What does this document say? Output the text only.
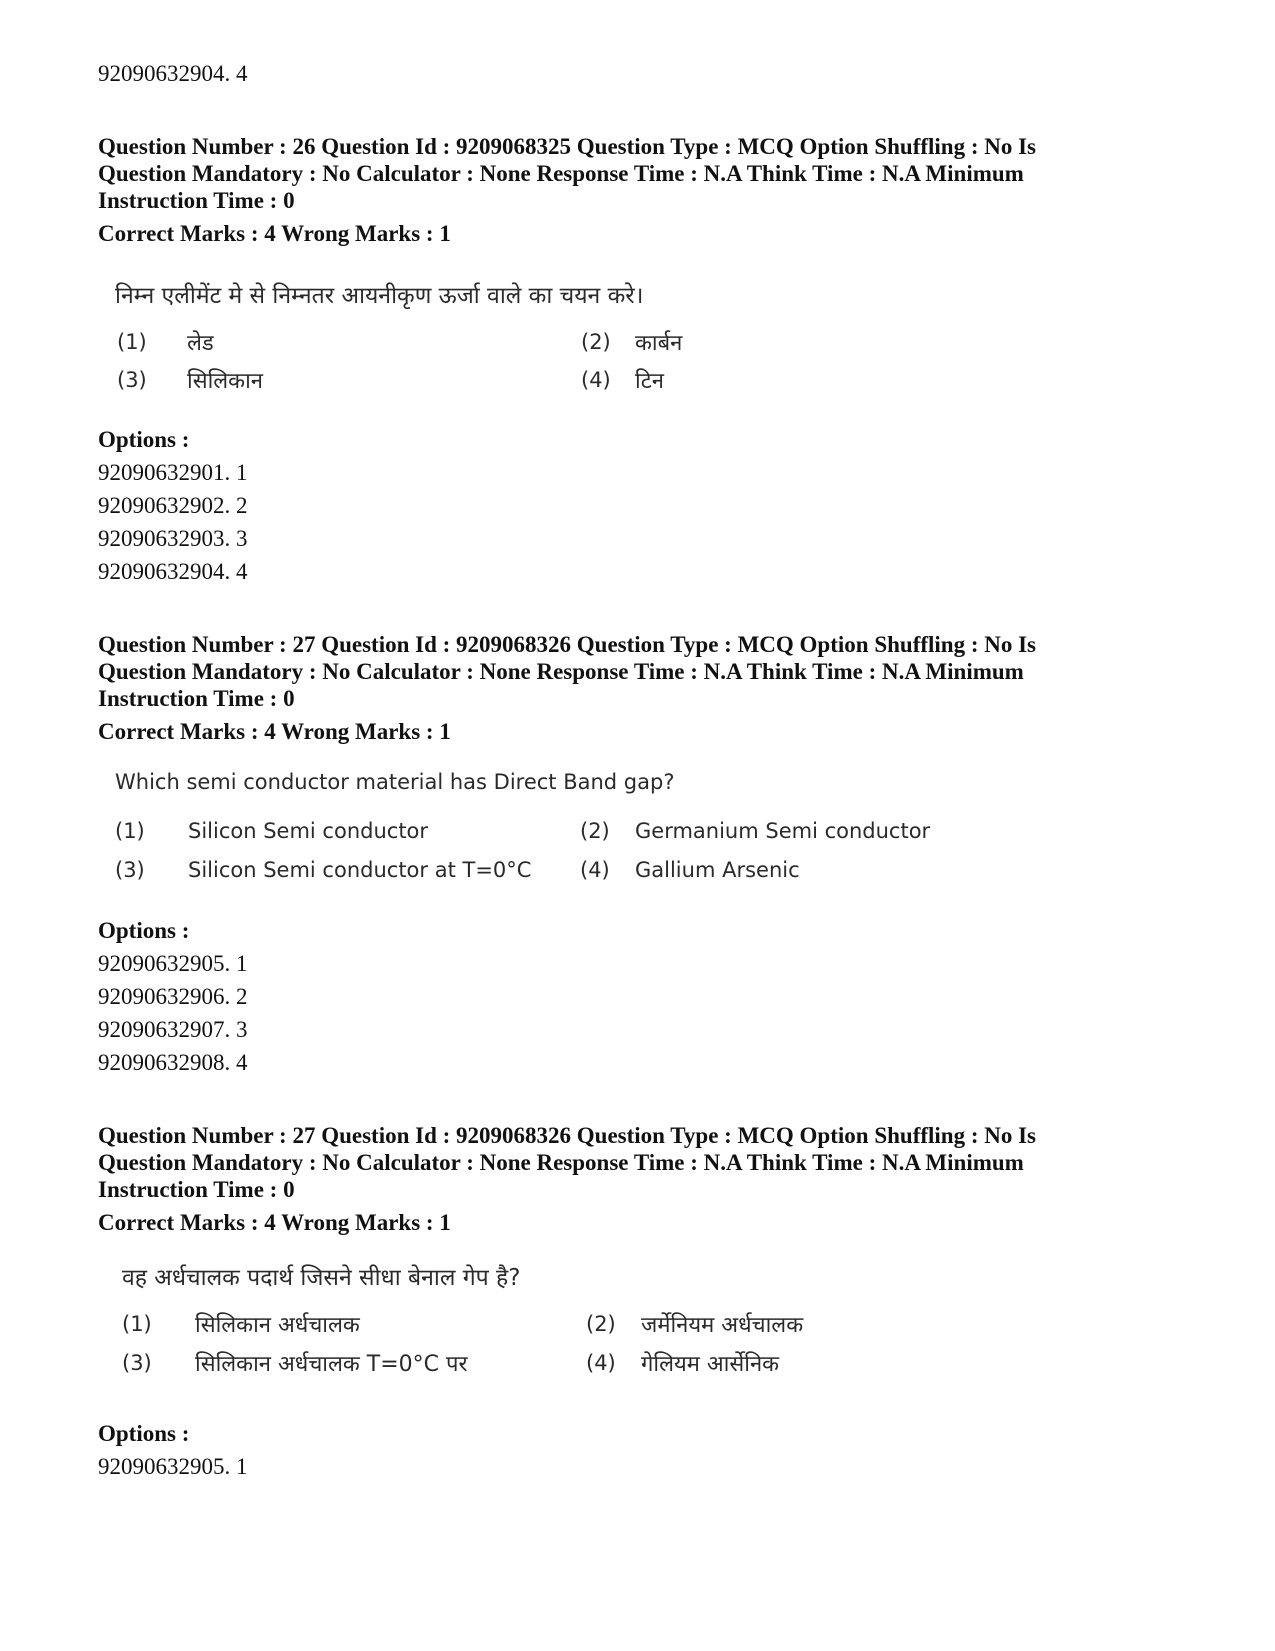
92090632904. 4
Question Number : 26 Question Id : 9209068325 Question Type : MCQ Option Shuffling : No Is
Question Mandatory : No Calculator : None Response Time : N.A Think Time : N.A Minimum
Instruction Time : 0
Correct Marks : 4 Wrong Marks : 1
निम्न एलीमेंट मे से निम्नतर आयनीकृण ऊर्जा वाले का चयन करे।
(1) लेड	(2) कार्बन
(3) सिलिकान	(4) टिन
Options :
92090632901. 1
92090632902. 2
92090632903. 3
92090632904. 4
Question Number : 27 Question Id : 9209068326 Question Type : MCQ Option Shuffling : No Is
Question Mandatory : No Calculator : None Response Time : N.A Think Time : N.A Minimum
Instruction Time : 0
Correct Marks : 4 Wrong Marks : 1
Which semi conductor material has Direct Band gap?
(1) Silicon Semi conductor	(2) Germanium Semi conductor
(3) Silicon Semi conductor at T=0°C (4) Gallium Arsenic
Options :
92090632905. 1
92090632906. 2
92090632907. 3
92090632908. 4
Question Number : 27 Question Id : 9209068326 Question Type : MCQ Option Shuffling : No Is
Question Mandatory : No Calculator : None Response Time : N.A Think Time : N.A Minimum
Instruction Time : 0
Correct Marks : 4 Wrong Marks : 1
वह अर्धचालक पदार्थ जिसने सीधा बेनाल गेप है?
(1) सिलिकान अर्धचालक	(2) जर्मेनियम अर्धचालक
(3) सिलिकान अर्धचालक T=0°C पर	(4) गेलियम आर्सेनिक
Options :
92090632905. 1
